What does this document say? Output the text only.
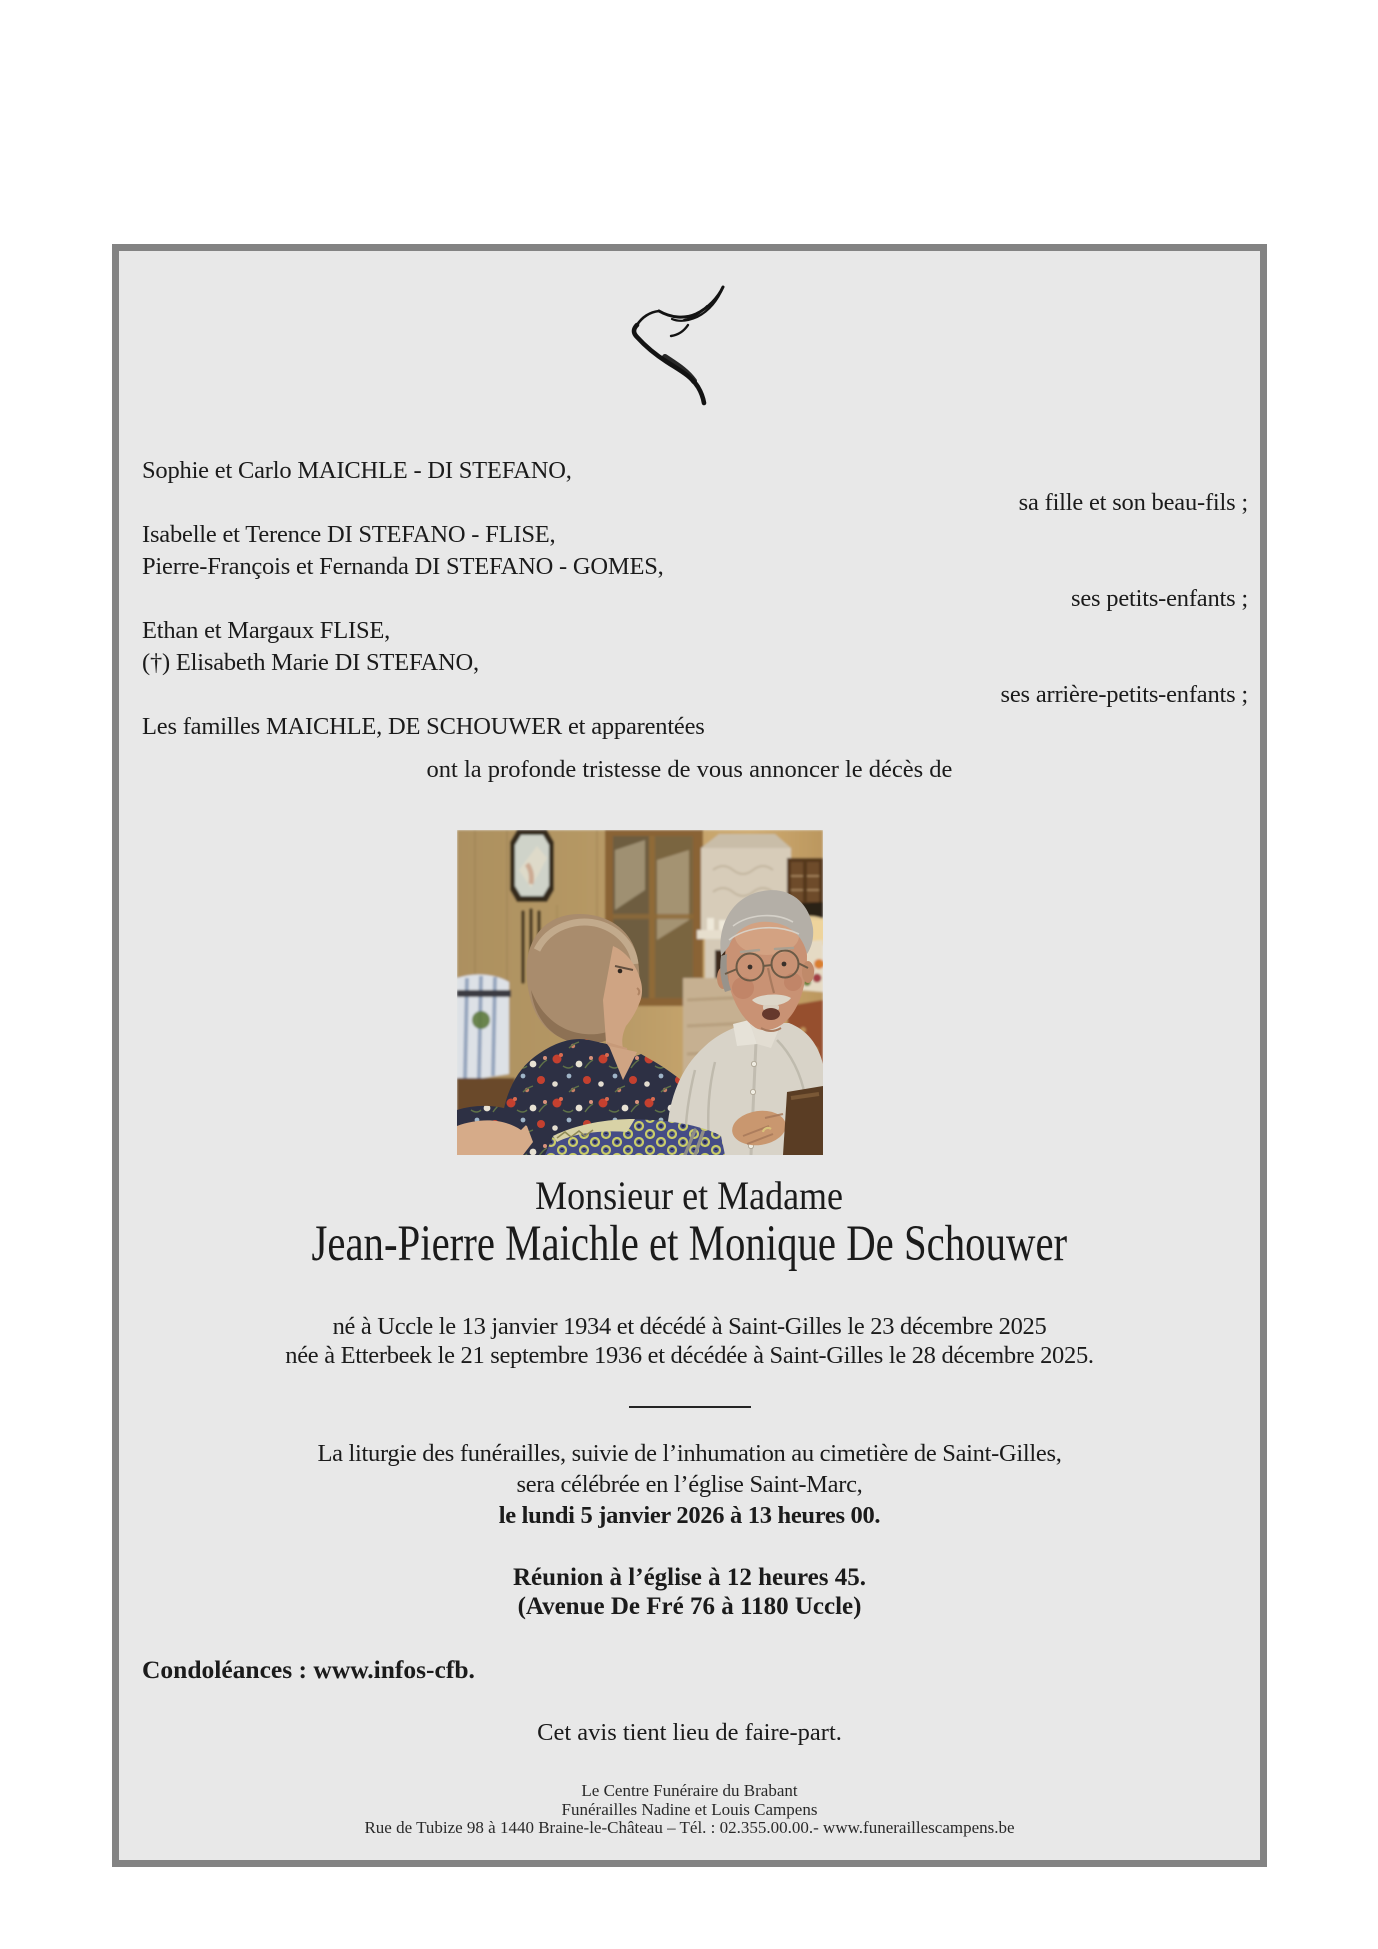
Sophie et Carlo MAICHLE - DI STEFANO,
sa fille et son beau-fils ;
Isabelle et Terence DI STEFANO - FLISE,
Pierre-François et Fernanda DI STEFANO - GOMES,
ses petits-enfants ;
Ethan et Margaux FLISE,
(†) Elisabeth Marie DI STEFANO,
ses arrière-petits-enfants ;
Les familles MAICHLE, DE SCHOUWER et apparentées
ont la profonde tristesse de vous annoncer le décès de
Monsieur et Madame
Jean-Pierre Maichle et Monique De Schouwer
né à Uccle le 13 janvier 1934 et décédé à Saint-Gilles le 23 décembre 2025
née à Etterbeek le 21 septembre 1936 et décédée à Saint-Gilles le 28 décembre 2025.
La liturgie des funérailles, suivie de l’inhumation au cimetière de Saint-Gilles,
sera célébrée en l’église Saint-Marc,
le lundi 5 janvier 2026 à 13 heures 00.
Réunion à l’église à 12 heures 45.
(Avenue De Fré 76 à 1180 Uccle)
Condoléances : www.infos-cfb.
Cet avis tient lieu de faire-part.
Le Centre Funéraire du Brabant
Funérailles Nadine et Louis Campens
Rue de Tubize 98 à 1440 Braine-le-Château – Tél. : 02.355.00.00.- www.funeraillescampens.be
